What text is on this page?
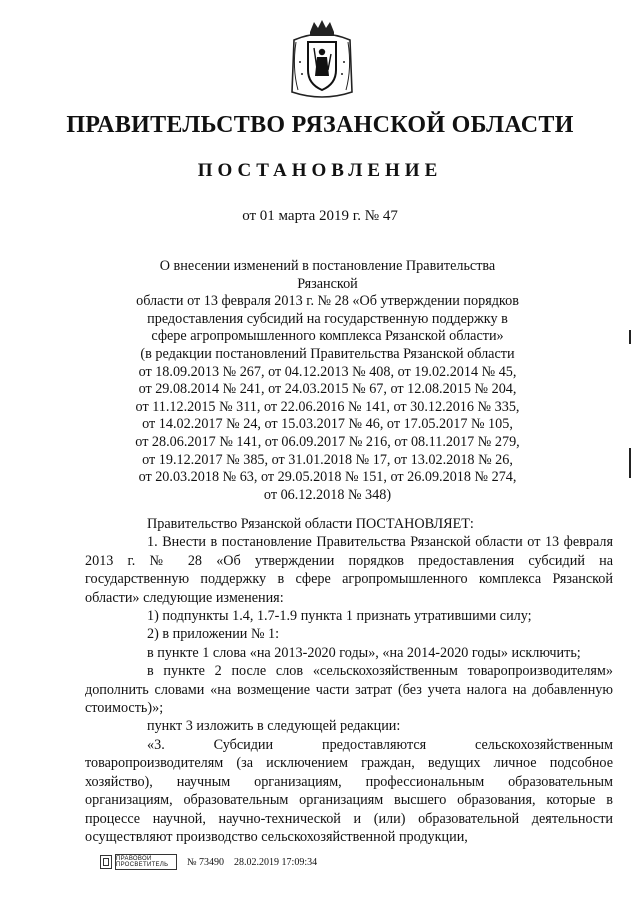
ПРАВИТЕЛЬСТВО РЯЗАНСКОЙ ОБЛАСТИ
ПОСТАНОВЛЕНИЕ
от 01 марта 2019 г. № 47
О внесении изменений в постановление Правительства Рязанской
области от 13 февраля 2013 г. № 28 «Об утверждении порядков
предоставления субсидий на государственную поддержку в
сфере агропромышленного комплекса Рязанской области»
(в редакции постановлений Правительства Рязанской области
от 18.09.2013 № 267, от 04.12.2013 № 408, от 19.02.2014 № 45,
от 29.08.2014 № 241, от 24.03.2015 № 67, от 12.08.2015 № 204,
от 11.12.2015 № 311, от 22.06.2016 № 141, от 30.12.2016 № 335,
от 14.02.2017 № 24, от 15.03.2017 № 46, от 17.05.2017 № 105,
от 28.06.2017 № 141, от 06.09.2017 № 216, от 08.11.2017 № 279,
от 19.12.2017 № 385, от 31.01.2018 № 17, от 13.02.2018 № 26,
от 20.03.2018 № 63, от 29.05.2018 № 151, от 26.09.2018 № 274,
от 06.12.2018 № 348)

Правительство Рязанской области ПОСТАНОВЛЯЕТ:

1. Внести в постановление Правительства Рязанской области от 13 февраля 2013 г. № 28 «Об утверждении порядков предоставления субсидий на государственную поддержку в сфере агропромышленного комплекса Рязанской области» следующие изменения:

1) подпункты 1.4, 1.7-1.9 пункта 1 признать утратившими силу;

2) в приложении № 1:

в пункте 1 слова «на 2013-2020 годы», «на 2014-2020 годы» исключить;

в пункте 2 после слов «сельскохозяйственным товаропроизводителям» дополнить словами «на возмещение части затрат (без учета налога на добавленную стоимость)»;

пункт 3 изложить в следующей редакции:

«3. Субсидии предоставляются сельскохозяйственным товаропроизводителям (за исключением граждан, ведущих личное подсобное хозяйство), научным организациям, профессиональным образовательным организациям, образовательным организациям высшего образования, которые в процессе научной, научно-технической и (или) образовательной деятельности осуществляют производство сельскохозяйственной продукции,

ПРАВОВОЙ ПРОСВЕТИТЕЛЬ	№ 73490 28.02.2019 17:09:34
